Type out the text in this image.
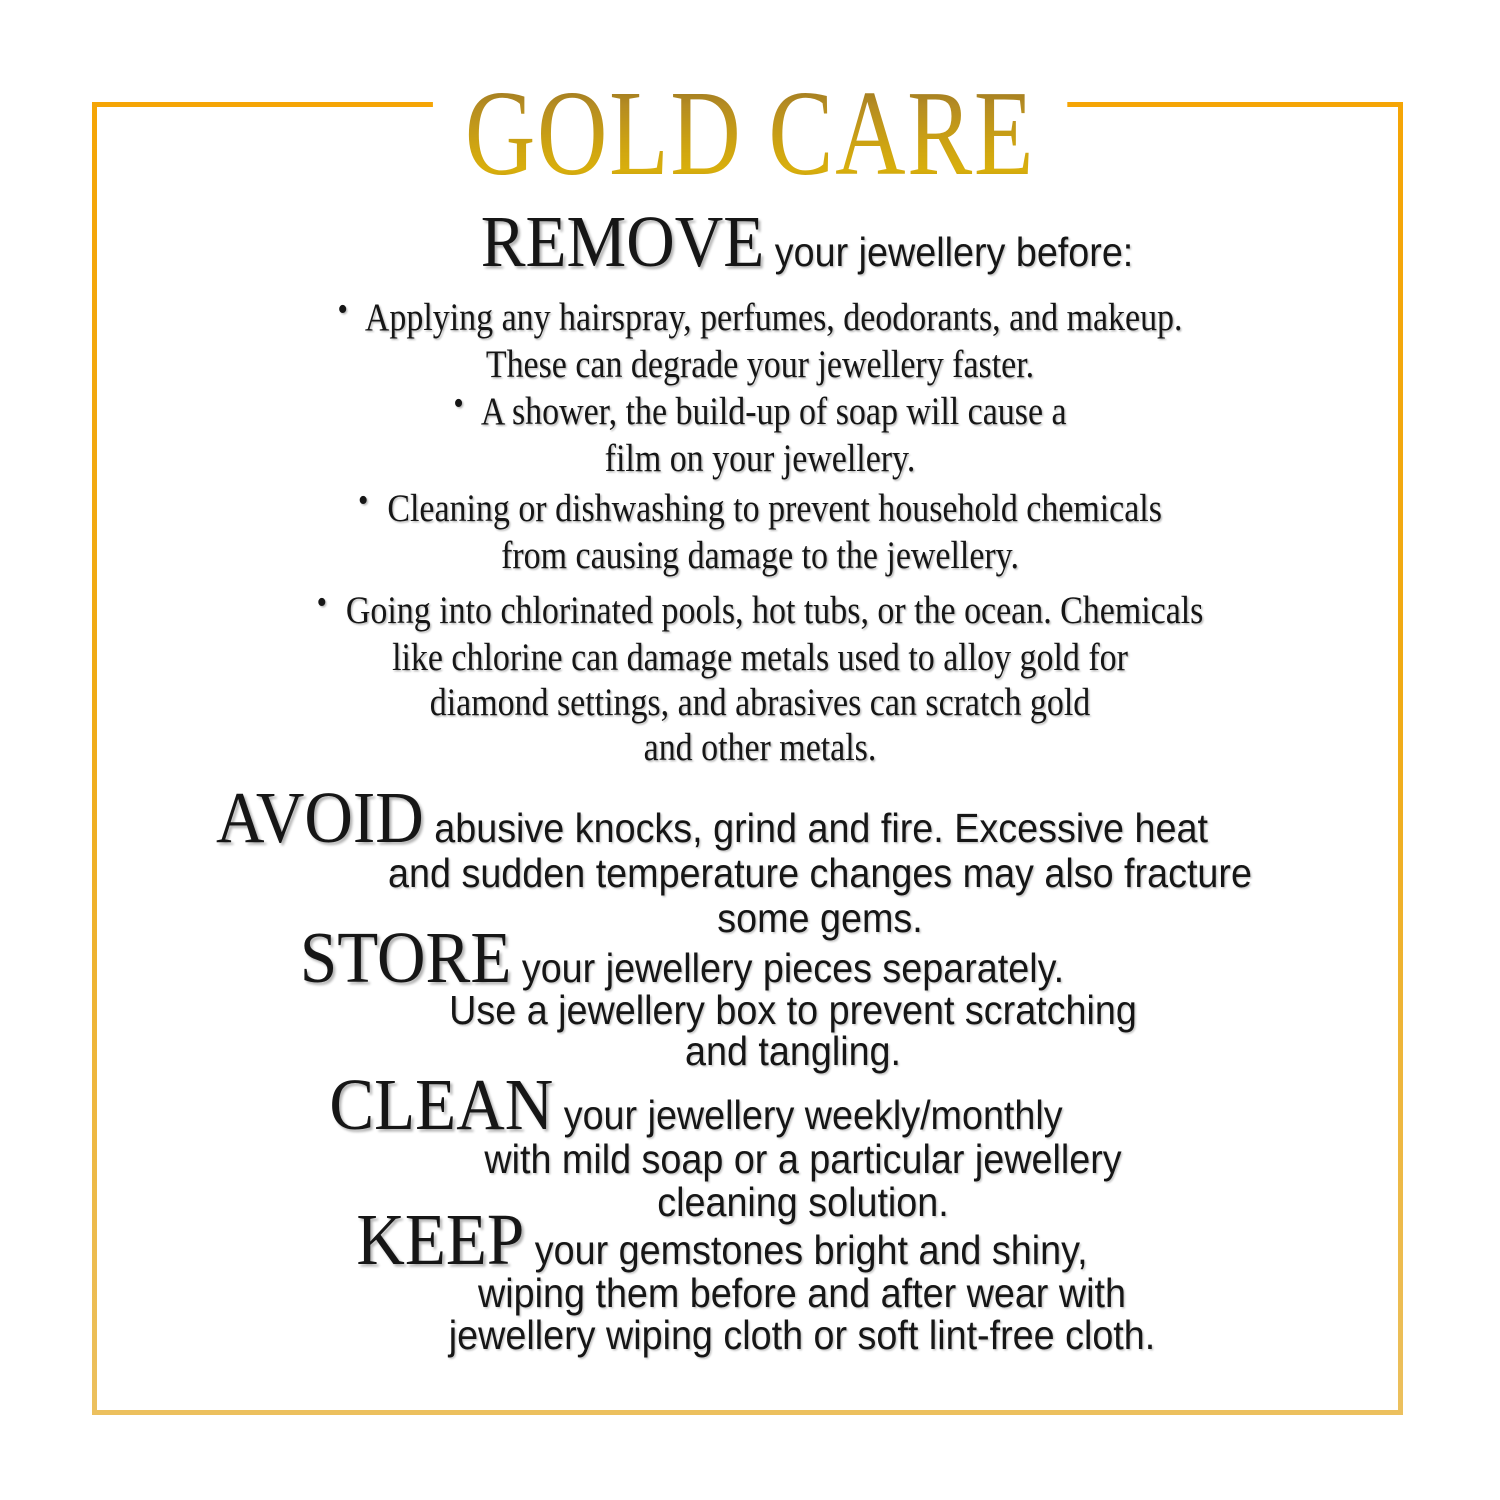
GOLD CARE
REMOVE your jewellery before:
• Applying any hairspray, perfumes, deodorants, and makeup.
These can degrade your jewellery faster.
• A shower, the build-up of soap will cause a
film on your jewellery.
• Cleaning or dishwashing to prevent household chemicals
from causing damage to the jewellery.
• Going into chlorinated pools, hot tubs, or the ocean. Chemicals
like chlorine can damage metals used to alloy gold for
diamond settings, and abrasives can scratch gold
and other metals.
AVOID abusive knocks, grind and fire. Excessive heat
and sudden temperature changes may also fracture
some gems.
STORE your jewellery pieces separately.
Use a jewellery box to prevent scratching
and tangling.
CLEAN your jewellery weekly/monthly
with mild soap or a particular jewellery
cleaning solution.
KEEP your gemstones bright and shiny,
wiping them before and after wear with
jewellery wiping cloth or soft lint-free cloth.
